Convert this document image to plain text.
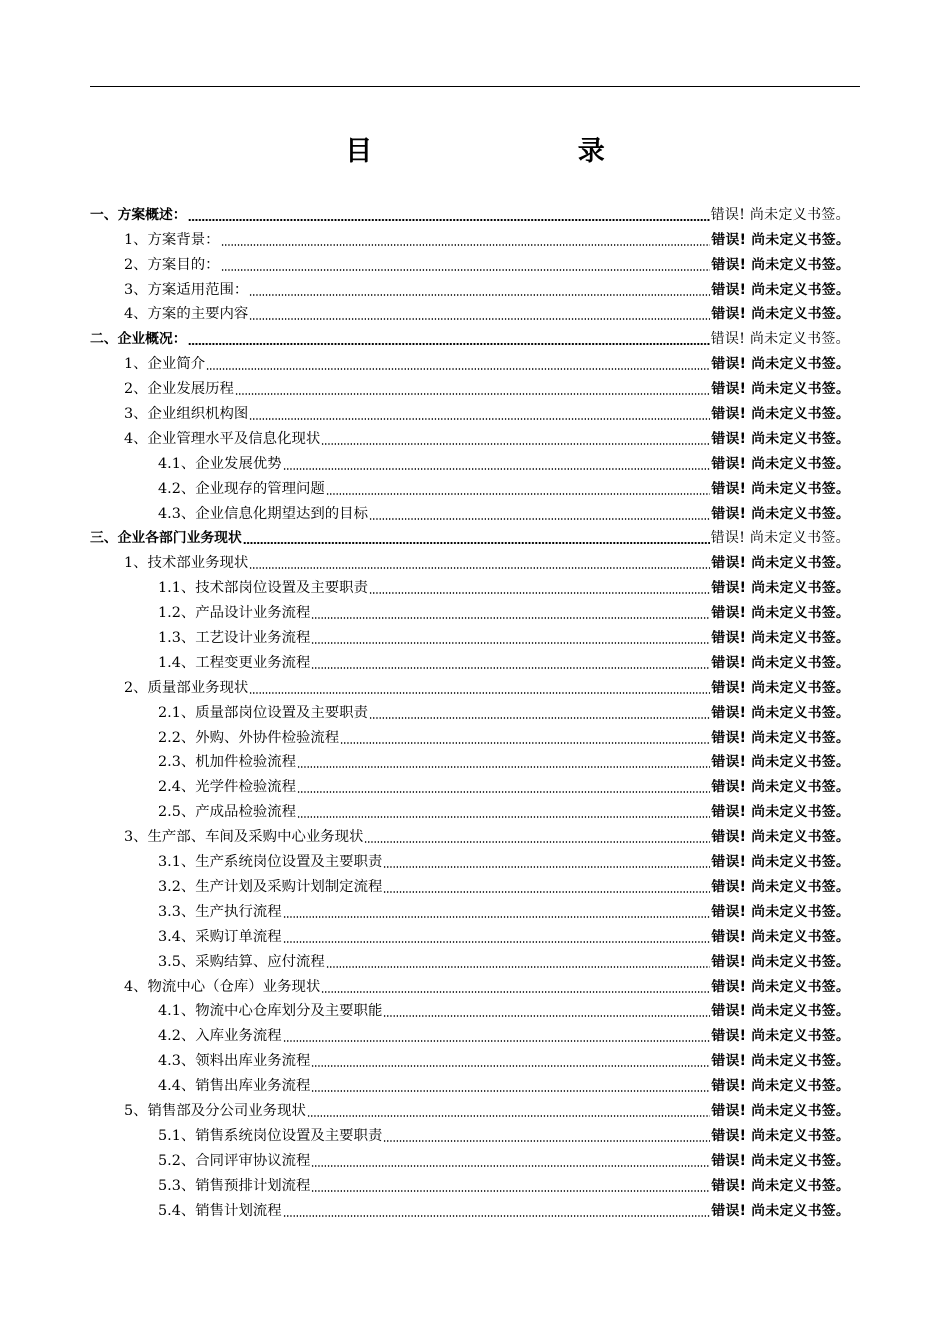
目 录
一、方案概述：	错误! 尚未定义书签。
1、方案背景：	错误! 尚未定义书签。
2、方案目的：	错误! 尚未定义书签。
3、方案适用范围：	错误! 尚未定义书签。
4、方案的主要内容	错误! 尚未定义书签。
二、企业概况：	错误! 尚未定义书签。
1、企业简介	错误! 尚未定义书签。
2、企业发展历程	错误! 尚未定义书签。
3、企业组织机构图	错误! 尚未定义书签。
4、企业管理水平及信息化现状	错误! 尚未定义书签。
4.1、企业发展优势	错误! 尚未定义书签。
4.2、企业现存的管理问题	错误! 尚未定义书签。
4.3、企业信息化期望达到的目标	错误! 尚未定义书签。
三、企业各部门业务现状	错误! 尚未定义书签。
1、技术部业务现状	错误! 尚未定义书签。
1.1、技术部岗位设置及主要职责	错误! 尚未定义书签。
1.2、产品设计业务流程	错误! 尚未定义书签。
1.3、工艺设计业务流程	错误! 尚未定义书签。
1.4、工程变更业务流程	错误! 尚未定义书签。
2、质量部业务现状	错误! 尚未定义书签。
2.1、质量部岗位设置及主要职责	错误! 尚未定义书签。
2.2、外购、外协件检验流程	错误! 尚未定义书签。
2.3、机加件检验流程	错误! 尚未定义书签。
2.4、光学件检验流程	错误! 尚未定义书签。
2.5、产成品检验流程	错误! 尚未定义书签。
3、生产部、车间及采购中心业务现状	错误! 尚未定义书签。
3.1、生产系统岗位设置及主要职责	错误! 尚未定义书签。
3.2、生产计划及采购计划制定流程	错误! 尚未定义书签。
3.3、生产执行流程	错误! 尚未定义书签。
3.4、采购订单流程	错误! 尚未定义书签。
3.5、采购结算、应付流程	错误! 尚未定义书签。
4、物流中心（仓库）业务现状	错误! 尚未定义书签。
4.1、物流中心仓库划分及主要职能	错误! 尚未定义书签。
4.2、入库业务流程	错误! 尚未定义书签。
4.3、领料出库业务流程	错误! 尚未定义书签。
4.4、销售出库业务流程	错误! 尚未定义书签。
5、销售部及分公司业务现状	错误! 尚未定义书签。
5.1、销售系统岗位设置及主要职责	错误! 尚未定义书签。
5.2、合同评审协议流程	错误! 尚未定义书签。
5.3、销售预排计划流程	错误! 尚未定义书签。
5.4、销售计划流程	错误! 尚未定义书签。
